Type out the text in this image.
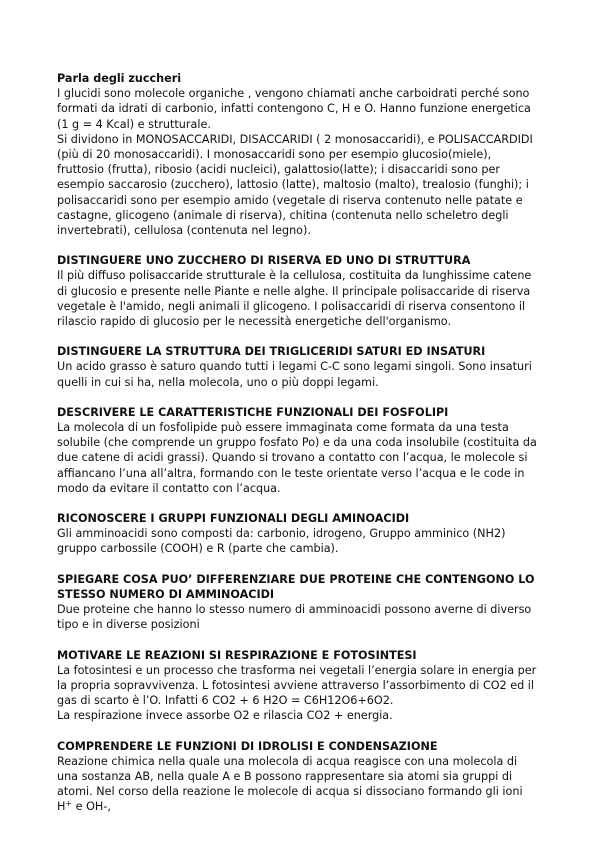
Parla degli zuccheri

I glucidi sono molecole organiche , vengono chiamati anche carboidrati perché sono formati da idrati di carbonio, infatti contengono C, H e O. Hanno funzione energetica (1 g = 4 Kcal) e strutturale.

Si dividono in MONOSACCARIDI, DISACCARIDI ( 2 monosaccaridi), e POLISACCARDIDI (più di 20 monosaccaridi). I monosaccaridi sono per esempio glucosio(miele), fruttosio (frutta), ribosio (acidi nucleici), galattosio(latte); i disaccaridi sono per esempio saccarosio (zucchero), lattosio (latte), maltosio (malto), trealosio (funghi); i polisaccaridi sono per esempio amido (vegetale di riserva contenuto nelle patate e castagne, glicogeno (animale di riserva), chitina (contenuta nello scheletro degli invertebrati), cellulosa (contenuta nel legno).

DISTINGUERE UNO ZUCCHERO DI RISERVA ED UNO DI STRUTTURA

Il più diffuso polisaccaride strutturale è la cellulosa, costituita da lunghissime catene di glucosio e presente nelle Piante e nelle alghe. Il principale polisaccaride di riserva vegetale è l'amido, negli animali il glicogeno. I polisaccaridi di riserva consentono il rilascio rapido di glucosio per le necessità energetiche dell'organismo.

DISTINGUERE LA STRUTTURA DEI TRIGLICERIDI SATURI ED INSATURI

Un acido grasso è saturo quando tutti i legami C-C sono legami singoli. Sono insaturi quelli in cui si ha, nella molecola, uno o più doppi legami.

DESCRIVERE LE CARATTERISTICHE FUNZIONALI DEI FOSFOLIPI

La molecola di un fosfolipide può essere immaginata come formata da una testa solubile (che comprende un gruppo fosfato Po) e da una coda insolubile (costituita da due catene di acidi grassi). Quando si trovano a contatto con l’acqua, le molecole si affiancano l’una all’altra, formando con le teste orientate verso l’acqua e le code in modo da evitare il contatto con l’acqua.

RICONOSCERE I GRUPPI FUNZIONALI DEGLI AMINOACIDI

Gli amminoacidi sono composti da: carbonio, idrogeno, Gruppo amminico (NH2) gruppo carbossile (COOH) e R (parte che cambia).

SPIEGARE COSA PUO’ DIFFERENZIARE DUE PROTEINE CHE CONTENGONO LO STESSO NUMERO DI AMMINOACIDI

Due proteine che hanno lo stesso numero di amminoacidi possono averne di diverso tipo e in diverse posizioni

MOTIVARE LE REAZIONI SI RESPIRAZIONE E FOTOSINTESI

La fotosintesi e un processo che trasforma nei vegetali l’energia solare in energia per la propria sopravvivenza. L fotosintesi avviene attraverso l’assorbimento di CO2 ed il gas di scarto è l’O. Infatti 6 CO2 + 6 H2O = C6H12O6+6O2.

La respirazione invece assorbe O2 e rilascia CO2 + energia.

COMPRENDERE LE FUNZIONI DI IDROLISI E CONDENSAZIONE

Reazione chimica nella quale una molecola di acqua reagisce con una molecola di una sostanza AB, nella quale A e B possono rappresentare sia atomi sia gruppi di atomi. Nel corso della reazione le molecole di acqua si dissociano formando gli ioni H+ e OH-,
